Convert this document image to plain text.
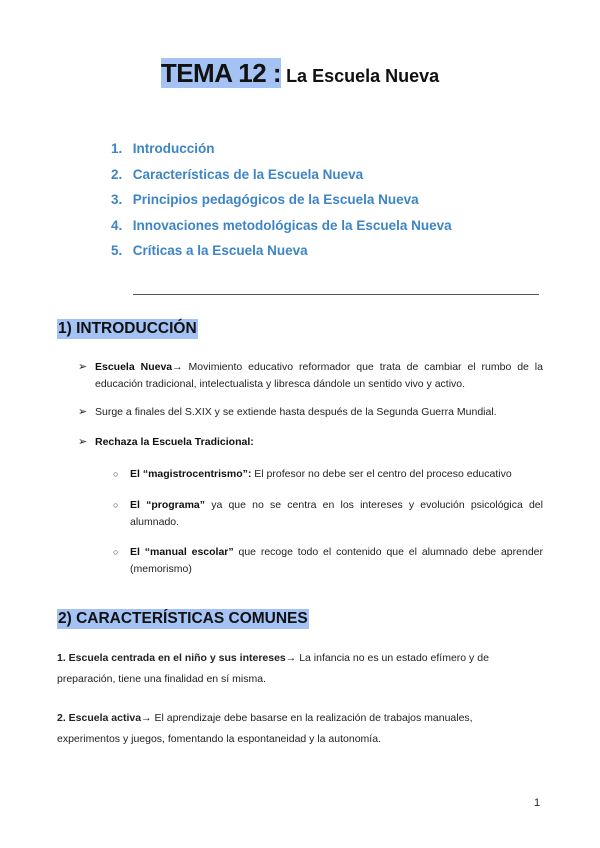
TEMA 12 : La Escuela Nueva
1. Introducción
2. Características de la Escuela Nueva
3. Principios pedagógicos de la Escuela Nueva
4. Innovaciones metodológicas de la Escuela Nueva
5. Críticas a la Escuela Nueva
1) INTRODUCCIÓN
➢ Escuela Nueva→ Movimiento educativo reformador que trata de cambiar el rumbo de la educación tradicional, intelectualista y libresca dándole un sentido vivo y activo.
➢ Surge a finales del S.XIX y se extiende hasta después de la Segunda Guerra Mundial.
➢ Rechaza la Escuela Tradicional:
○ El “magistrocentrismo”: El profesor no debe ser el centro del proceso educativo
○ El “programa” ya que no se centra en los intereses y evolución psicológica del alumnado.
○ El “manual escolar” que recoge todo el contenido que el alumnado debe aprender (memorismo)
2) CARACTERÍSTICAS COMUNES
1. Escuela centrada en el niño y sus intereses→ La infancia no es un estado efímero y de preparación, tiene una finalidad en sí misma.
2. Escuela activa→ El aprendizaje debe basarse en la realización de trabajos manuales, experimentos y juegos, fomentando la espontaneidad y la autonomía.
1
